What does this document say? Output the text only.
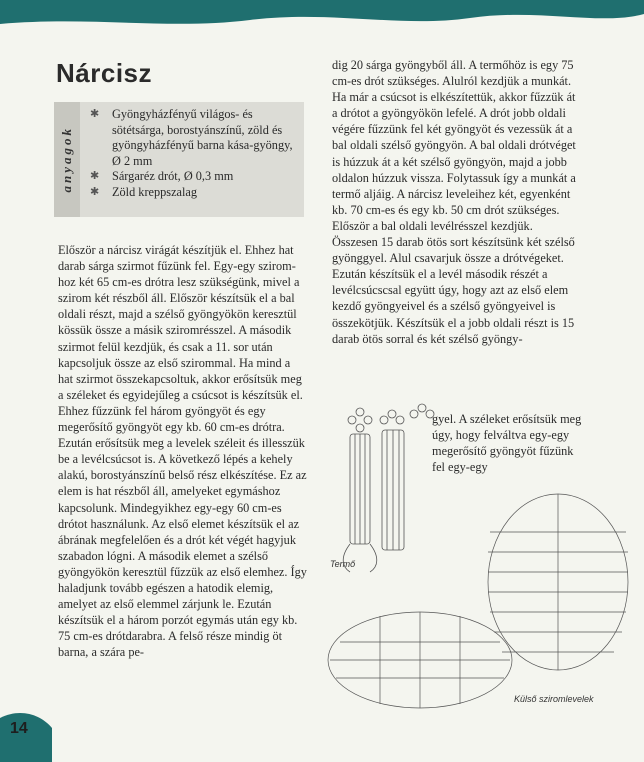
Nárcisz
anyagok
✱ Gyöngyházfényű világos- és sötétsárga, borostyánszínű, zöld és gyöngyházfényű barna kása-gyöngy, Ø 2 mm
✱ Sárgaréz drót, Ø 0,3 mm
✱ Zöld kreppszalag

Először a nárcisz virágát készítjük el. Ehhez hat darab sárga szirmot fűzünk fel. Egy-egy sziromhoz két 65 cm-es drótra lesz szükségünk, mivel a szirom két részből áll. Először készítsük el a bal oldali részt, majd a szélső gyöngyökön keresztül kössük össze a másik sziromrésszel. A második szirmot felül kezdjük, és csak a 11. sor után kapcsoljuk össze az első szirommal. Ha mind a hat szirmot összekapcsoltuk, akkor erősítsük meg a széleket és egyidejűleg a csúcsot is készítsük el. Ehhez fűzzünk fel három gyöngyöt és egy megerősítő gyöngyöt egy kb. 60 cm-es drótra. Ezután erősítsük meg a levelek széleit és illesszük be a levélcsúcsot is. A következő lépés a kehely alakú, borostyánszínű belső rész elkészítése. Ez az elem is hat részből áll, amelyeket egymáshoz kapcsolunk. Mindegyikhez egy-egy 60 cm-es drótot használunk. Az első elemet készítsük el az ábrának megfelelően és a drót két végét hagyjuk szabadon lógni. A második elemet a szélső gyöngyökön keresztül fűzzük az első elemhez. Így haladjunk tovább egészen a hatodik elemig, amelyet az első elemmel zárjunk le. Ezután készítsük el a három porzót egymás után egy kb. 75 cm-es drótdarabra. A felső része mindig öt barna, a szára pe-

dig 20 sárga gyöngyből áll. A termőhöz is egy 75 cm-es drót szükséges. Alulról kezdjük a munkát. Ha már a csúcsot is elkészítettük, akkor fűzzük át a drótot a gyöngyökön lefelé. A drót jobb oldali végére fűzzünk fel két gyöngyöt és vezessük át a bal oldali szélső gyöngyön. A bal oldali drótvéget is húzzuk át a két szélső gyöngyön, majd a jobb oldalon húzzuk vissza. Folytassuk így a munkát a termő aljáig. A nárcisz leveleihez két, egyenként kb. 70 cm-es és egy kb. 50 cm drót szükséges. Először a bal oldali levélrésszel kezdjük. Összesen 15 darab ötös sort készítsünk két szélső gyönggyel. Alul csavarjuk össze a drótvégeket. Ezután készítsük el a levél második részét a levélcsúcscsal együtt úgy, hogy azt az első elem kezdő gyöngyeivel és a szélső gyöngyeivel is összekötjük. Készítsük el a jobb oldali részt is 15 darab ötös sorral és két szélső gyöngy-

gyel. A széleket erősítsük meg úgy, hogy felváltva egy-egy megerősítő gyöngyöt fűzünk fel egy-egy

Termő
Külső sziromlevelek
14
